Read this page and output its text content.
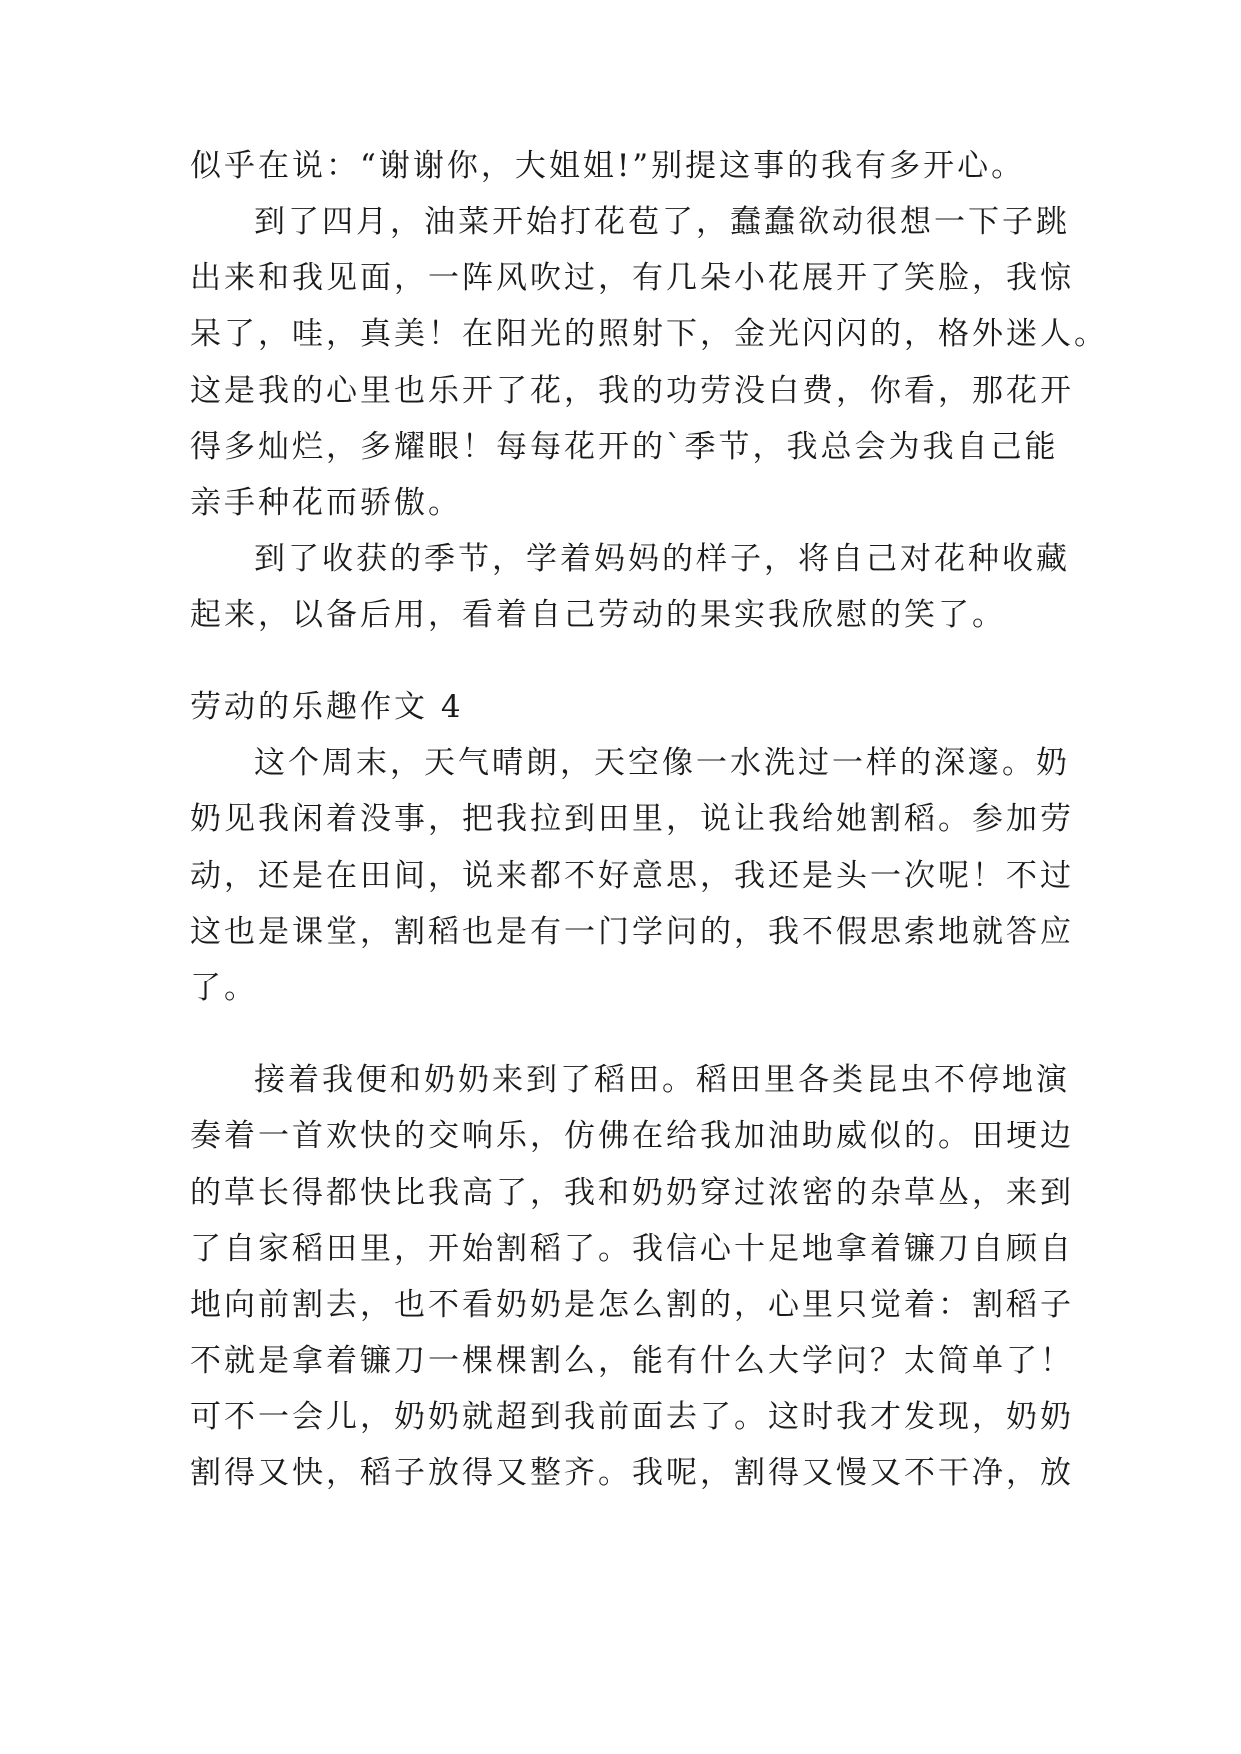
似乎在说：“谢谢你，大姐姐!”别提这事的我有多开心。
到了四月，油菜开始打花苞了，蠢蠢欲动很想一下子跳
出来和我见面，一阵风吹过，有几朵小花展开了笑脸，我惊
呆了，哇，真美！在阳光的照射下，金光闪闪的，格外迷人。
这是我的心里也乐开了花，我的功劳没白费，你看，那花开
得多灿烂，多耀眼！每每花开的`季节，我总会为我自己能
亲手种花而骄傲。
到了收获的季节，学着妈妈的样子，将自己对花种收藏
起来，以备后用，看着自己劳动的果实我欣慰的笑了。
劳动的乐趣作文 4
这个周末，天气晴朗，天空像一水洗过一样的深邃。奶
奶见我闲着没事，把我拉到田里，说让我给她割稻。参加劳
动，还是在田间，说来都不好意思，我还是头一次呢！不过
这也是课堂，割稻也是有一门学问的，我不假思索地就答应
了。
接着我便和奶奶来到了稻田。稻田里各类昆虫不停地演
奏着一首欢快的交响乐，仿佛在给我加油助威似的。田埂边
的草长得都快比我高了，我和奶奶穿过浓密的杂草丛，来到
了自家稻田里，开始割稻了。我信心十足地拿着镰刀自顾自
地向前割去，也不看奶奶是怎么割的，心里只觉着：割稻子
不就是拿着镰刀一棵棵割么，能有什么大学问？太简单了！
可不一会儿，奶奶就超到我前面去了。这时我才发现，奶奶
割得又快，稻子放得又整齐。我呢，割得又慢又不干净，放
